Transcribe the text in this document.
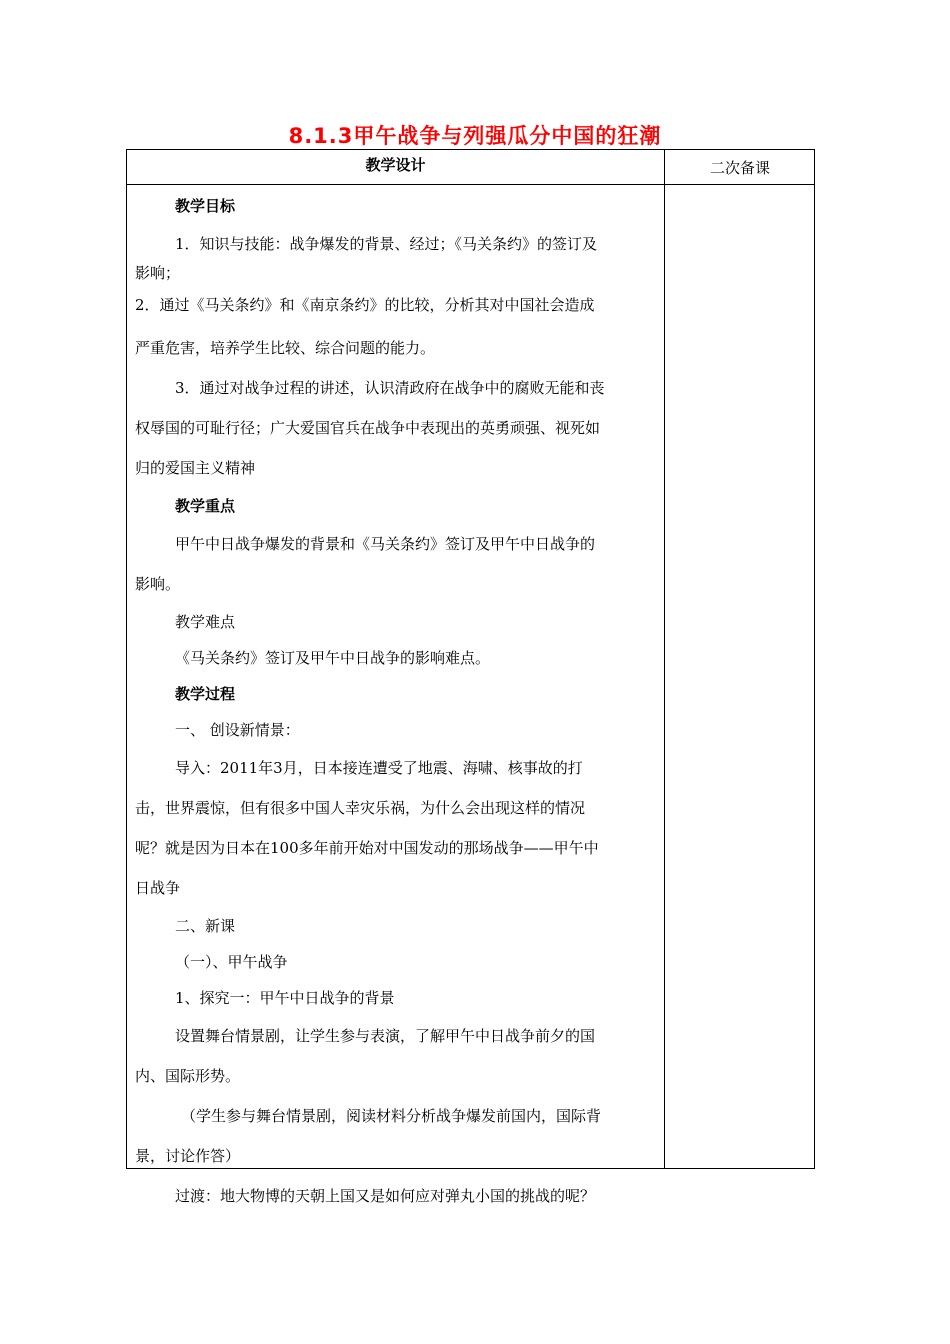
8.1.3甲午战争与列强瓜分中国的狂潮
教学设计	二次备课

教学目标

1．知识与技能：战争爆发的背景、经过；《马关条约》的签订及

影响；

2．通过《马关条约》和《南京条约》的比较，分析其对中国社会造成

严重危害，培养学生比较、综合问题的能力。

3．通过对战争过程的讲述，认识清政府在战争中的腐败无能和丧

权辱国的可耻行径；广大爱国官兵在战争中表现出的英勇顽强、视死如

归的爱国主义精神

教学重点

甲午中日战争爆发的背景和《马关条约》签订及甲午中日战争的

影响。

教学难点

《马关条约》签订及甲午中日战争的影响难点。

教学过程

一、 创设新情景：

导入：2011年3月，日本接连遭受了地震、海啸、核事故的打

击，世界震惊，但有很多中国人幸灾乐祸，为什么会出现这样的情况

呢？就是因为日本在100多年前开始对中国发动的那场战争——甲午中

日战争

二、新课

（一）、甲午战争

1、探究一：甲午中日战争的背景

设置舞台情景剧，让学生参与表演，了解甲午中日战争前夕的国

内、国际形势。

（学生参与舞台情景剧，阅读材料分析战争爆发前国内，国际背

景，讨论作答）

过渡：地大物博的天朝上国又是如何应对弹丸小国的挑战的呢？
